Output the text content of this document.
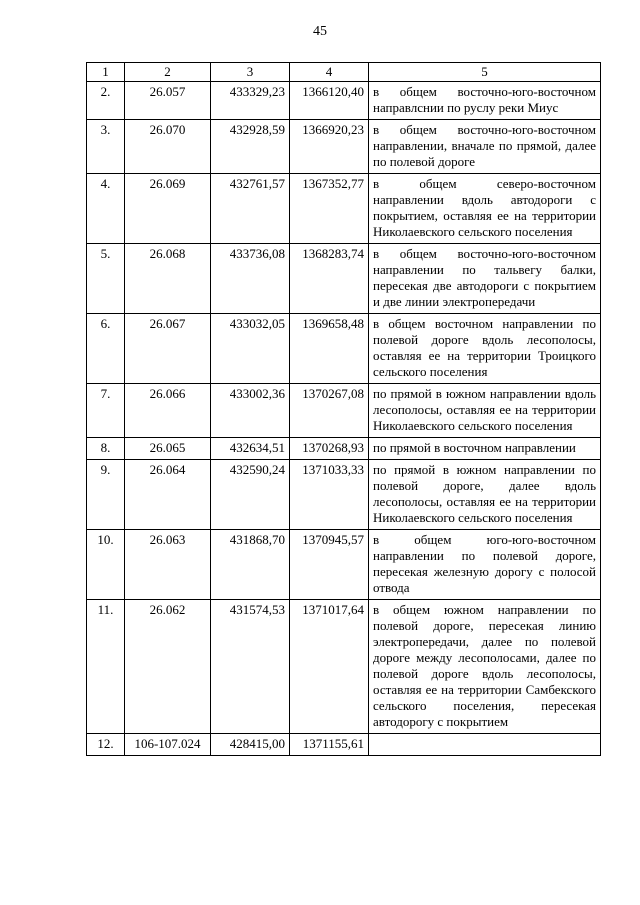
45
1	2	3	4	5
2.	26.057	433329,23	1366120,40	в общем восточно-юго-восточном направлснии по руслу реки Миус
3.	26.070	432928,59	1366920,23	в общем восточно-юго-восточном направлении, вначале по прямой, далее по полевой дороге
4.	26.069	432761,57	1367352,77	в общем северо-восточном направлении вдоль автодороги с покрытием, оставляя ее на территории Николаевского сельского поселения
5.	26.068	433736,08	1368283,74	в общем восточно-юго-восточном направлении по тальвегу балки, пересекая две автодороги с покрытием и две линии электропередачи
6.	26.067	433032,05	1369658,48	в общем восточном направлении по полевой дороге вдоль лесополосы, оставляя ее на территории Троицкого сельского поселения
7.	26.066	433002,36	1370267,08	по прямой в южном направлении вдоль лесополосы, оставляя ее на территории Николаевского сельского поселения
8.	26.065	432634,51	1370268,93	по прямой в восточном направлении
9.	26.064	432590,24	1371033,33	по прямой в южном направлении по полевой дороге, далее вдоль лесополосы, оставляя ее на территории Николаевского сельского поселения
10.	26.063	431868,70	1370945,57	в общем юго-юго-восточном направлении по полевой дороге, пересекая железную дорогу с полосой отвода
11.	26.062	431574,53	1371017,64	в общем южном направлении по полевой дороге, пересекая линию электропередачи, далее по полевой дороге между лесополосами, далее по полевой дороге вдоль лесополосы, оставляя ее на территории Самбекского сельского поселения, пересекая автодорогу с покрытием
12.	106-107.024	428415,00	1371155,61	
